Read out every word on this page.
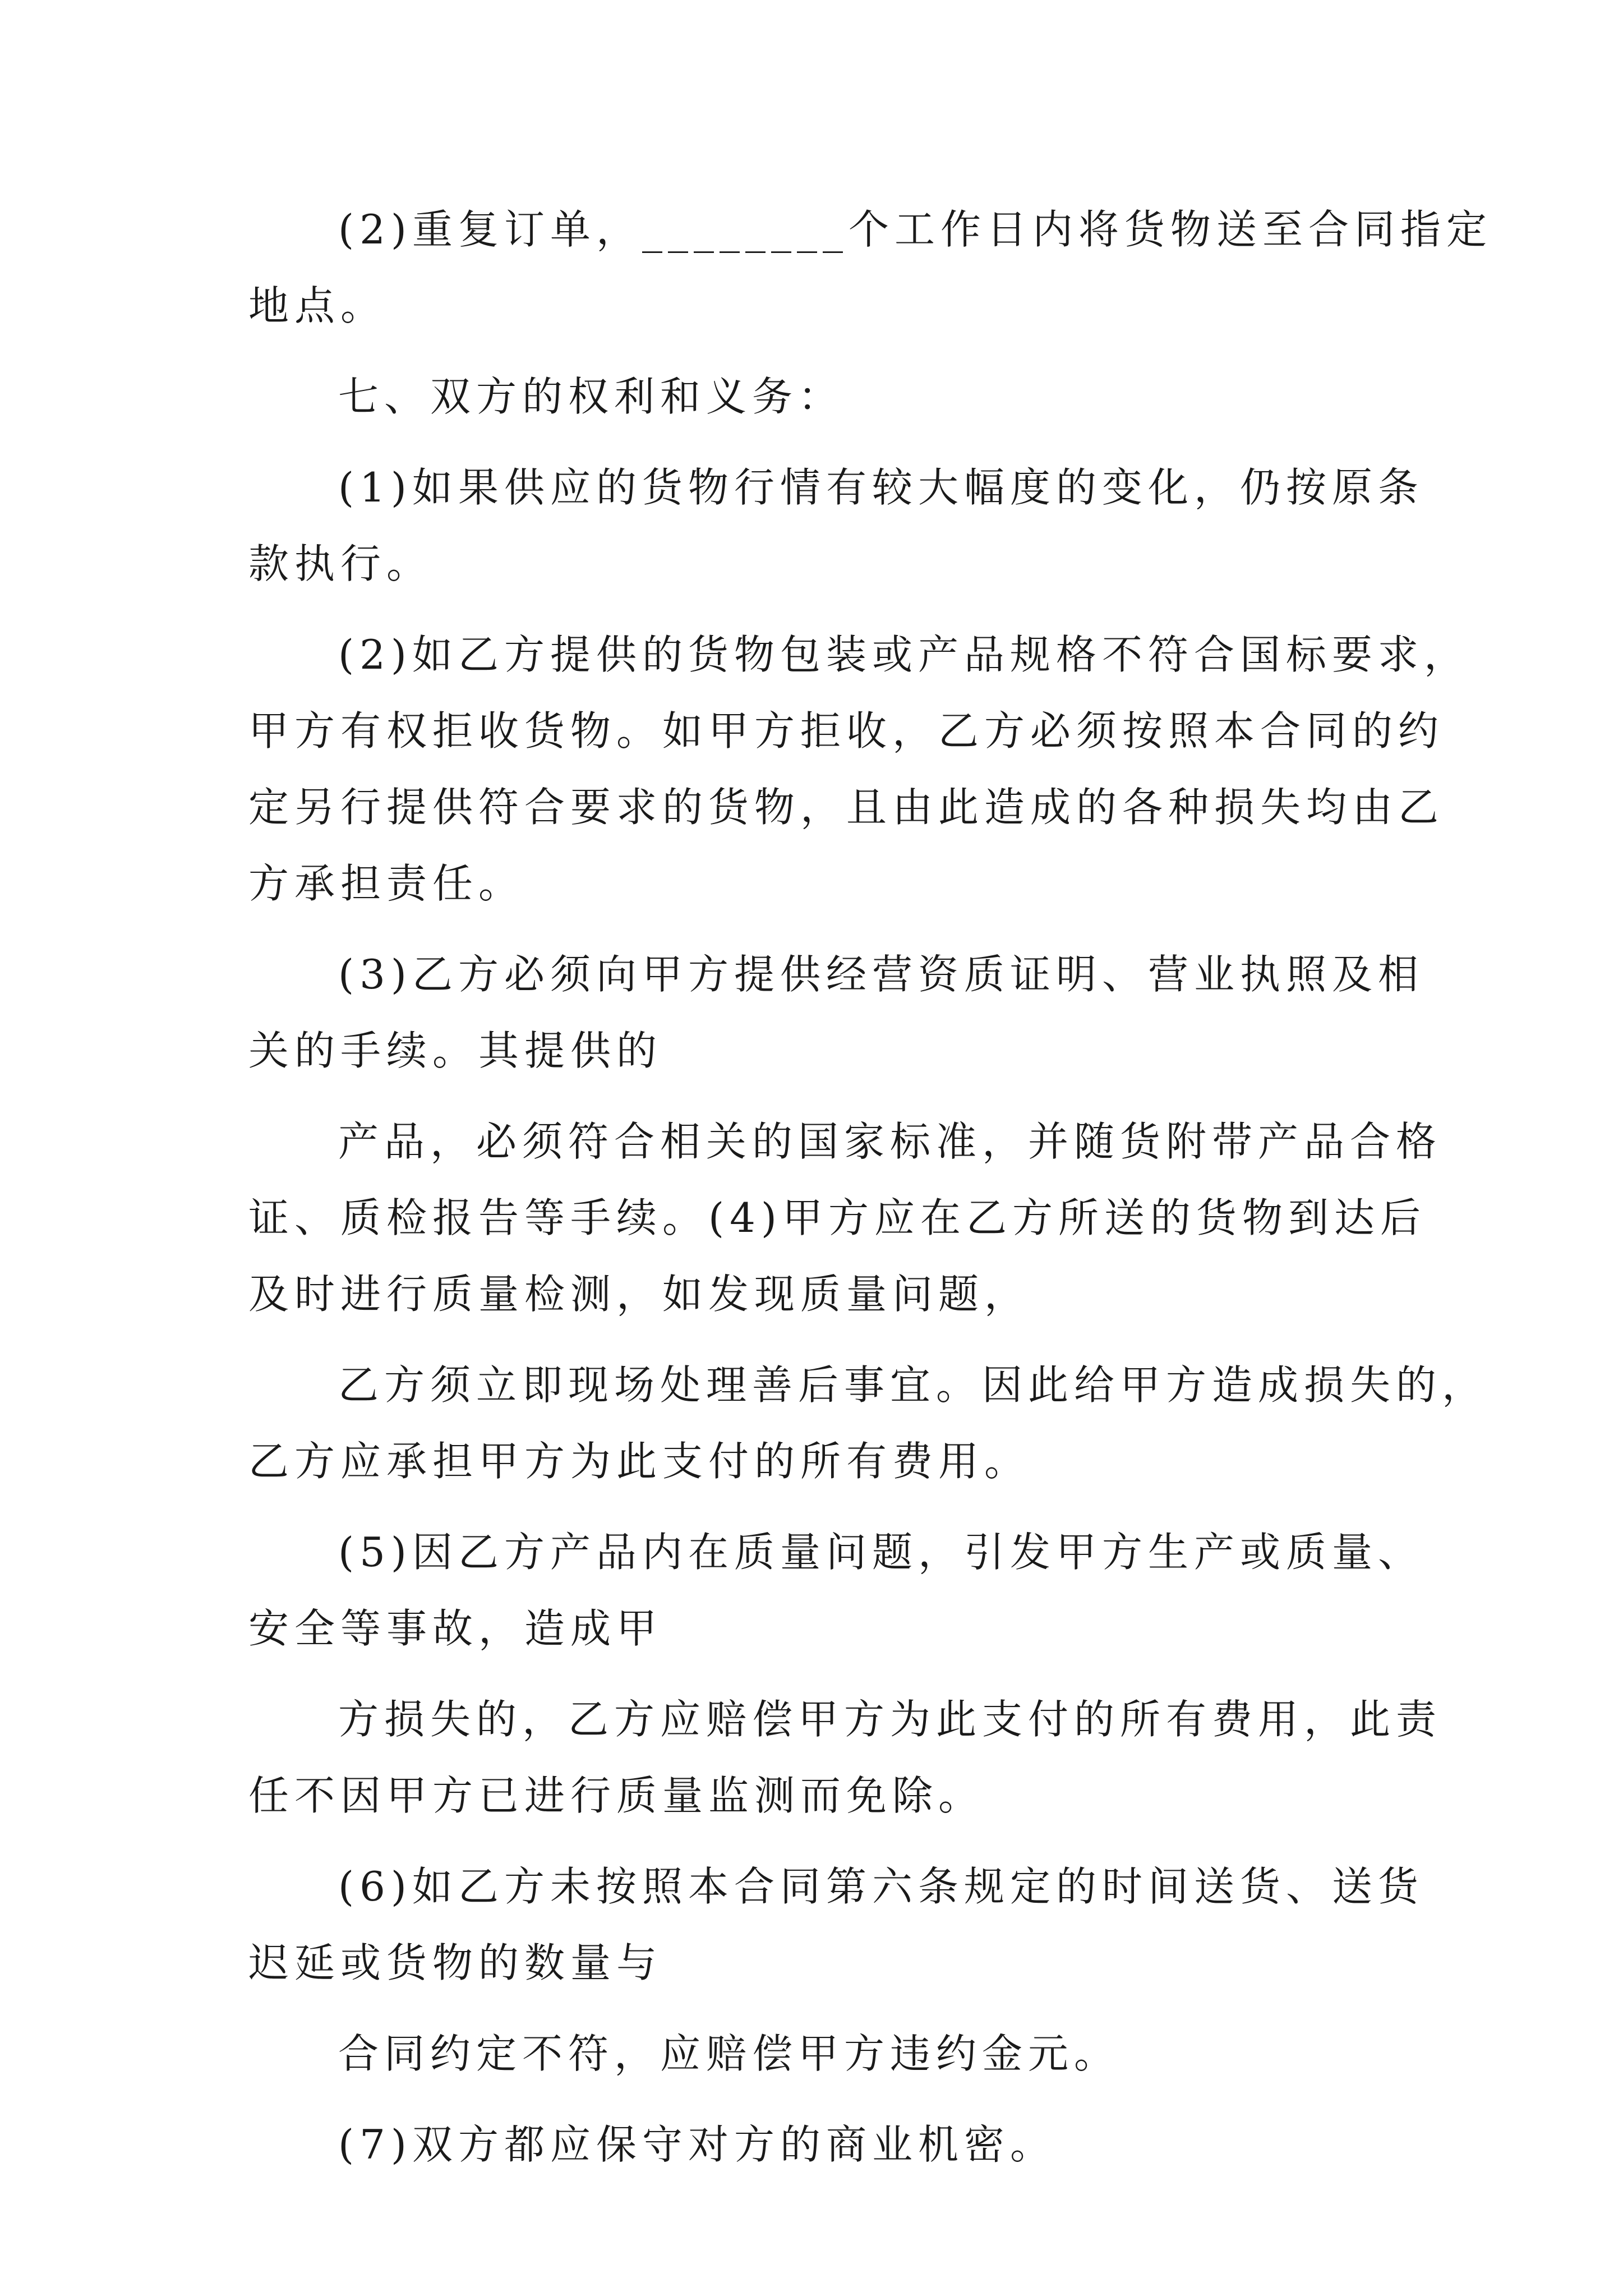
(2)重复订单，________个工作日内将货物送至合同指定
地点。
七、双方的权利和义务：
(1)如果供应的货物行情有较大幅度的变化，仍按原条
款执行。
(2)如乙方提供的货物包装或产品规格不符合国标要求，
甲方有权拒收货物。如甲方拒收，乙方必须按照本合同的约
定另行提供符合要求的货物，且由此造成的各种损失均由乙
方承担责任。
(3)乙方必须向甲方提供经营资质证明、营业执照及相
关的手续。其提供的
产品，必须符合相关的国家标准，并随货附带产品合格
证、质检报告等手续。(4)甲方应在乙方所送的货物到达后
及时进行质量检测，如发现质量问题，
乙方须立即现场处理善后事宜。因此给甲方造成损失的，
乙方应承担甲方为此支付的所有费用。
(5)因乙方产品内在质量问题，引发甲方生产或质量、
安全等事故，造成甲
方损失的，乙方应赔偿甲方为此支付的所有费用，此责
任不因甲方已进行质量监测而免除。
(6)如乙方未按照本合同第六条规定的时间送货、送货
迟延或货物的数量与
合同约定不符，应赔偿甲方违约金元。
(7)双方都应保守对方的商业机密。
